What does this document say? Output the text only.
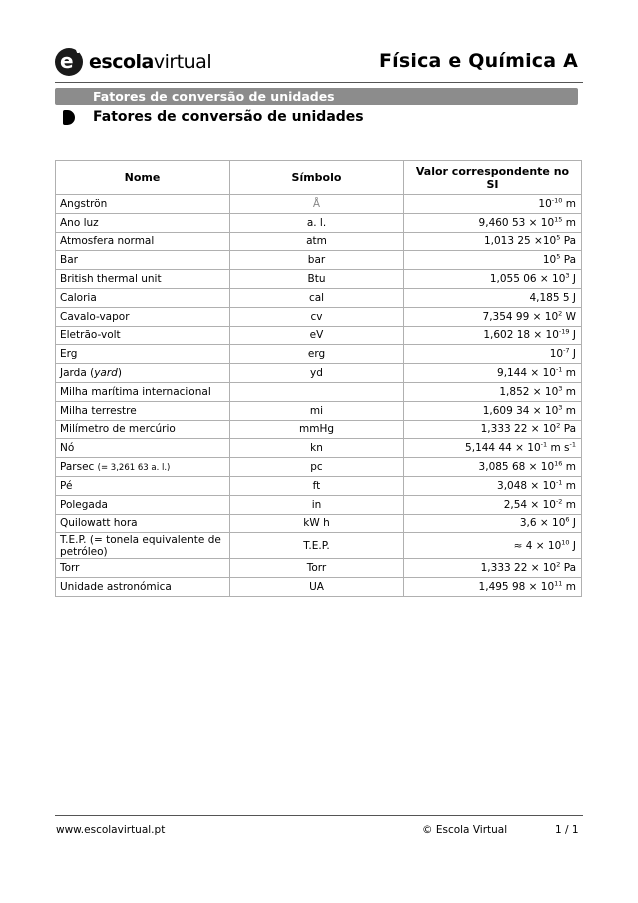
e v
escolavirtual	Física e Química A
Fatores de conversão de unidades
Fatores de conversão de unidades
Nome	Símbolo	Valor correspondente no SI
Angströn	Å	$10^{-10}$ m
Ano luz	a. l.	9,460 $53 \times 10^{15}$ m
Atmosfera normal	atm	1,013 $25 \times 10^5$ Pa
Bar	bar	$10^5$ Pa
British thermal unit	Btu	1,055 $06 \times 10^3$ J
Caloria	cal	4,185 5 J
Cavalo-vapor	cv	7,354 $99 \times 10^2$ W
Eletrão-volt	eV	1,602 $18 \times 10^{-19}$ J
Erg	erg	$10^{-7}$ J
Jarda (yard)	yd	$9,144 \times 10^{-1}$ m
Milha marítima internacional		$1,852 \times 10^3$ m
Milha terrestre	mi	1,609 $34 \times 10^3$ m
Milímetro de mercúrio	mmHg	1,333 $22 \times 10^2$ Pa
Nó	kn	5,144 $44 \times 10^{-1}$ m $s^{-1}$
Parsec (= 3,261 63 a. l.)	pc	3,085 $68 \times 10^{16}$ m
Pé	ft	$3,048 \times 10^{-1}$ m
Polegada	in	$2,54 \times 10^{-2}$ m
Quilowatt hora	kW h	$3,6 \times 10^6$ J
T.E.P. (= tonela equivalente de petróleo)	T.E.P.	≈ $4 \times 10^{10}$ J
Torr	Torr	1,333 $22 \times 10^2$ Pa
Unidade astronómica	UA	1,495 $98 \times 10^{11}$ m
www.escolavirtual.pt	© Escola Virtual	1 / 1
